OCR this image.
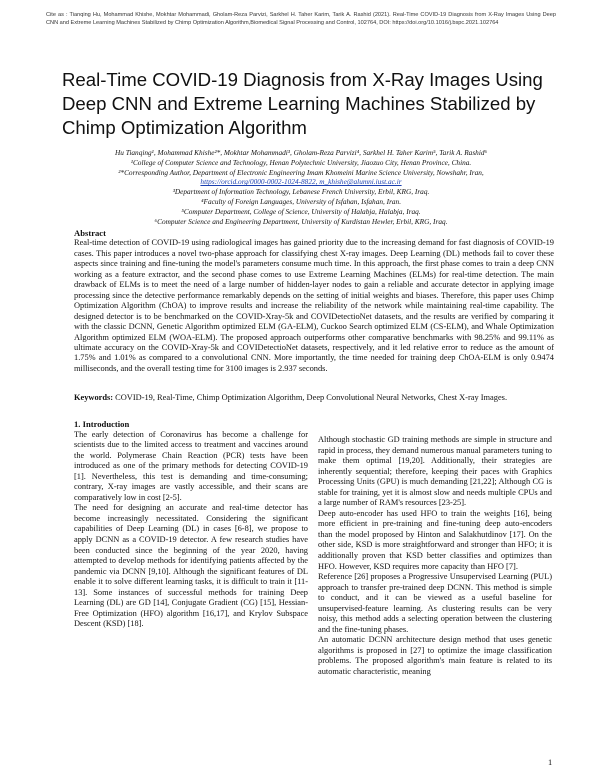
Cite as : Tianqing Hu, Mohammad Khishe, Mokhtar Mohammadi, Gholam-Reza Parvizi, Sarkhel H. Taher Karim, Tarik A. Rashid (2021). Real-Time COVID-19 Diagnosis from X-Ray Images Using Deep CNN and Extreme Learning Machines Stabilized by Chimp Optimization Algorithm,Biomedical Signal Processing and Control, 102764, DOI: https://doi.org/10.1016/j.bspc.2021.102764
Real-Time COVID-19 Diagnosis from X-Ray Images Using Deep CNN and Extreme Learning Machines Stabilized by Chimp Optimization Algorithm

Hu Tianqing¹, Mohammad Khishe²*, Mokhtar Mohammadi³, Gholam-Reza Parvizi⁴, Sarkhel H. Taher Karim⁵, Tarik A. Rashid⁶

¹College of Computer Science and Technology, Henan Polytechnic University, Jiaozuo City, Henan Province, China.

²*Corresponding Author, Department of Electronic Engineering Imam Khomeini Marine Science University, Nowshahr, Iran,

https://orcid.org/0000-0002-1024-8822, m_khishe@alumni.iust.ac.ir

³Department of Information Technology, Lebanese French University, Erbil, KRG, Iraq.

⁴Faculty of Foreign Languages, University of Isfahan, Isfahan, Iran.

⁵Computer Department, College of Science, University of Halabja, Halabja, Iraq.

⁶Computer Science and Engineering Department, University of Kurdistan Hewler, Erbil, KRG, Iraq.

Abstract

Real-time detection of COVID-19 using radiological images has gained priority due to the increasing demand for fast diagnosis of COVID-19 cases. This paper introduces a novel two-phase approach for classifying chest X-ray images. Deep Learning (DL) methods fail to cover these aspects since training and fine-tuning the model's parameters consume much time. In this approach, the first phase comes to train a deep CNN working as a feature extractor, and the second phase comes to use Extreme Learning Machines (ELMs) for real-time detection. The main drawback of ELMs is to meet the need of a large number of hidden-layer nodes to gain a reliable and accurate detector in applying image processing since the detective performance remarkably depends on the setting of initial weights and biases. Therefore, this paper uses Chimp Optimization Algorithm (ChOA) to improve results and increase the reliability of the network while maintaining real-time capability. The designed detector is to be benchmarked on the COVID-Xray-5k and COVIDetectioNet datasets, and the results are verified by comparing it with the classic DCNN, Genetic Algorithm optimized ELM (GA-ELM), Cuckoo Search optimized ELM (CS-ELM), and Whale Optimization Algorithm optimized ELM (WOA-ELM). The proposed approach outperforms other comparative benchmarks with 98.25% and 99.11% as ultimate accuracy on the COVID-Xray-5k and COVIDetectioNet datasets, respectively, and it led relative error to reduce as the amount of 1.75% and 1.01% as compared to a convolutional CNN. More importantly, the time needed for training deep ChOA-ELM is only 0.9474 milliseconds, and the overall testing time for 3100 images is 2.937 seconds.

Keywords: COVID-19, Real-Time, Chimp Optimization Algorithm, Deep Convolutional Neural Networks, Chest X-ray Images.
1. Introduction

The early detection of Coronavirus has become a challenge for scientists due to the limited access to treatment and vaccines around the world. Polymerase Chain Reaction (PCR) tests have been introduced as one of the primary methods for detecting COVID-19 [1]. Nevertheless, this test is demanding and time-consuming; contrary, X-ray images are vastly accessible, and their scans are comparatively low in cost [2-5].

The need for designing an accurate and real-time detector has become increasingly necessitated. Considering the significant capabilities of Deep Learning (DL) in cases [6-8], we propose to apply DCNN as a COVID-19 detector. A few research studies have been conducted since the beginning of the year 2020, having attempted to develop methods for identifying patients affected by the pandemic via DCNN [9,10]. Although the significant features of DL enable it to solve different learning tasks, it is difficult to train it [11-13]. Some instances of successful methods for training Deep Learning (DL) are GD [14], Conjugate Gradient (CG) [15], Hessian-Free Optimization (HFO) algorithm [16,17], and Krylov Subspace Descent (KSD) [18].

Although stochastic GD training methods are simple in structure and rapid in process, they demand numerous manual parameters tuning to make them optimal [19,20]. Additionally, their strategies are inherently sequential; therefore, keeping their paces with Graphics Processing Units (GPU) is much demanding [21,22]; Although CG is stable for training, yet it is almost slow and needs multiple CPUs and a large number of RAM's resources [23-25].

Deep auto-encoder has used HFO to train the weights [16], being more efficient in pre-training and fine-tuning deep auto-encoders than the model proposed by Hinton and Salakhutdinov [17]. On the other side, KSD is more straightforward and stronger than HFO; it is additionally proven that KSD better classifies and optimizes than HFO. However, KSD requires more capacity than HFO [7].

Reference [26] proposes a Progressive Unsupervised Learning (PUL) approach to transfer pre-trained deep DCNN. This method is simple to conduct, and it can be viewed as a useful baseline for unsupervised-feature learning. As clustering results can be very noisy, this method adds a selecting operation between the clustering and the fine-tuning phases.

An automatic DCNN architecture design method that uses genetic algorithms is proposed in [27] to optimize the image classification problems. The proposed algorithm's main feature is related to its automatic characteristic, meaning

1
